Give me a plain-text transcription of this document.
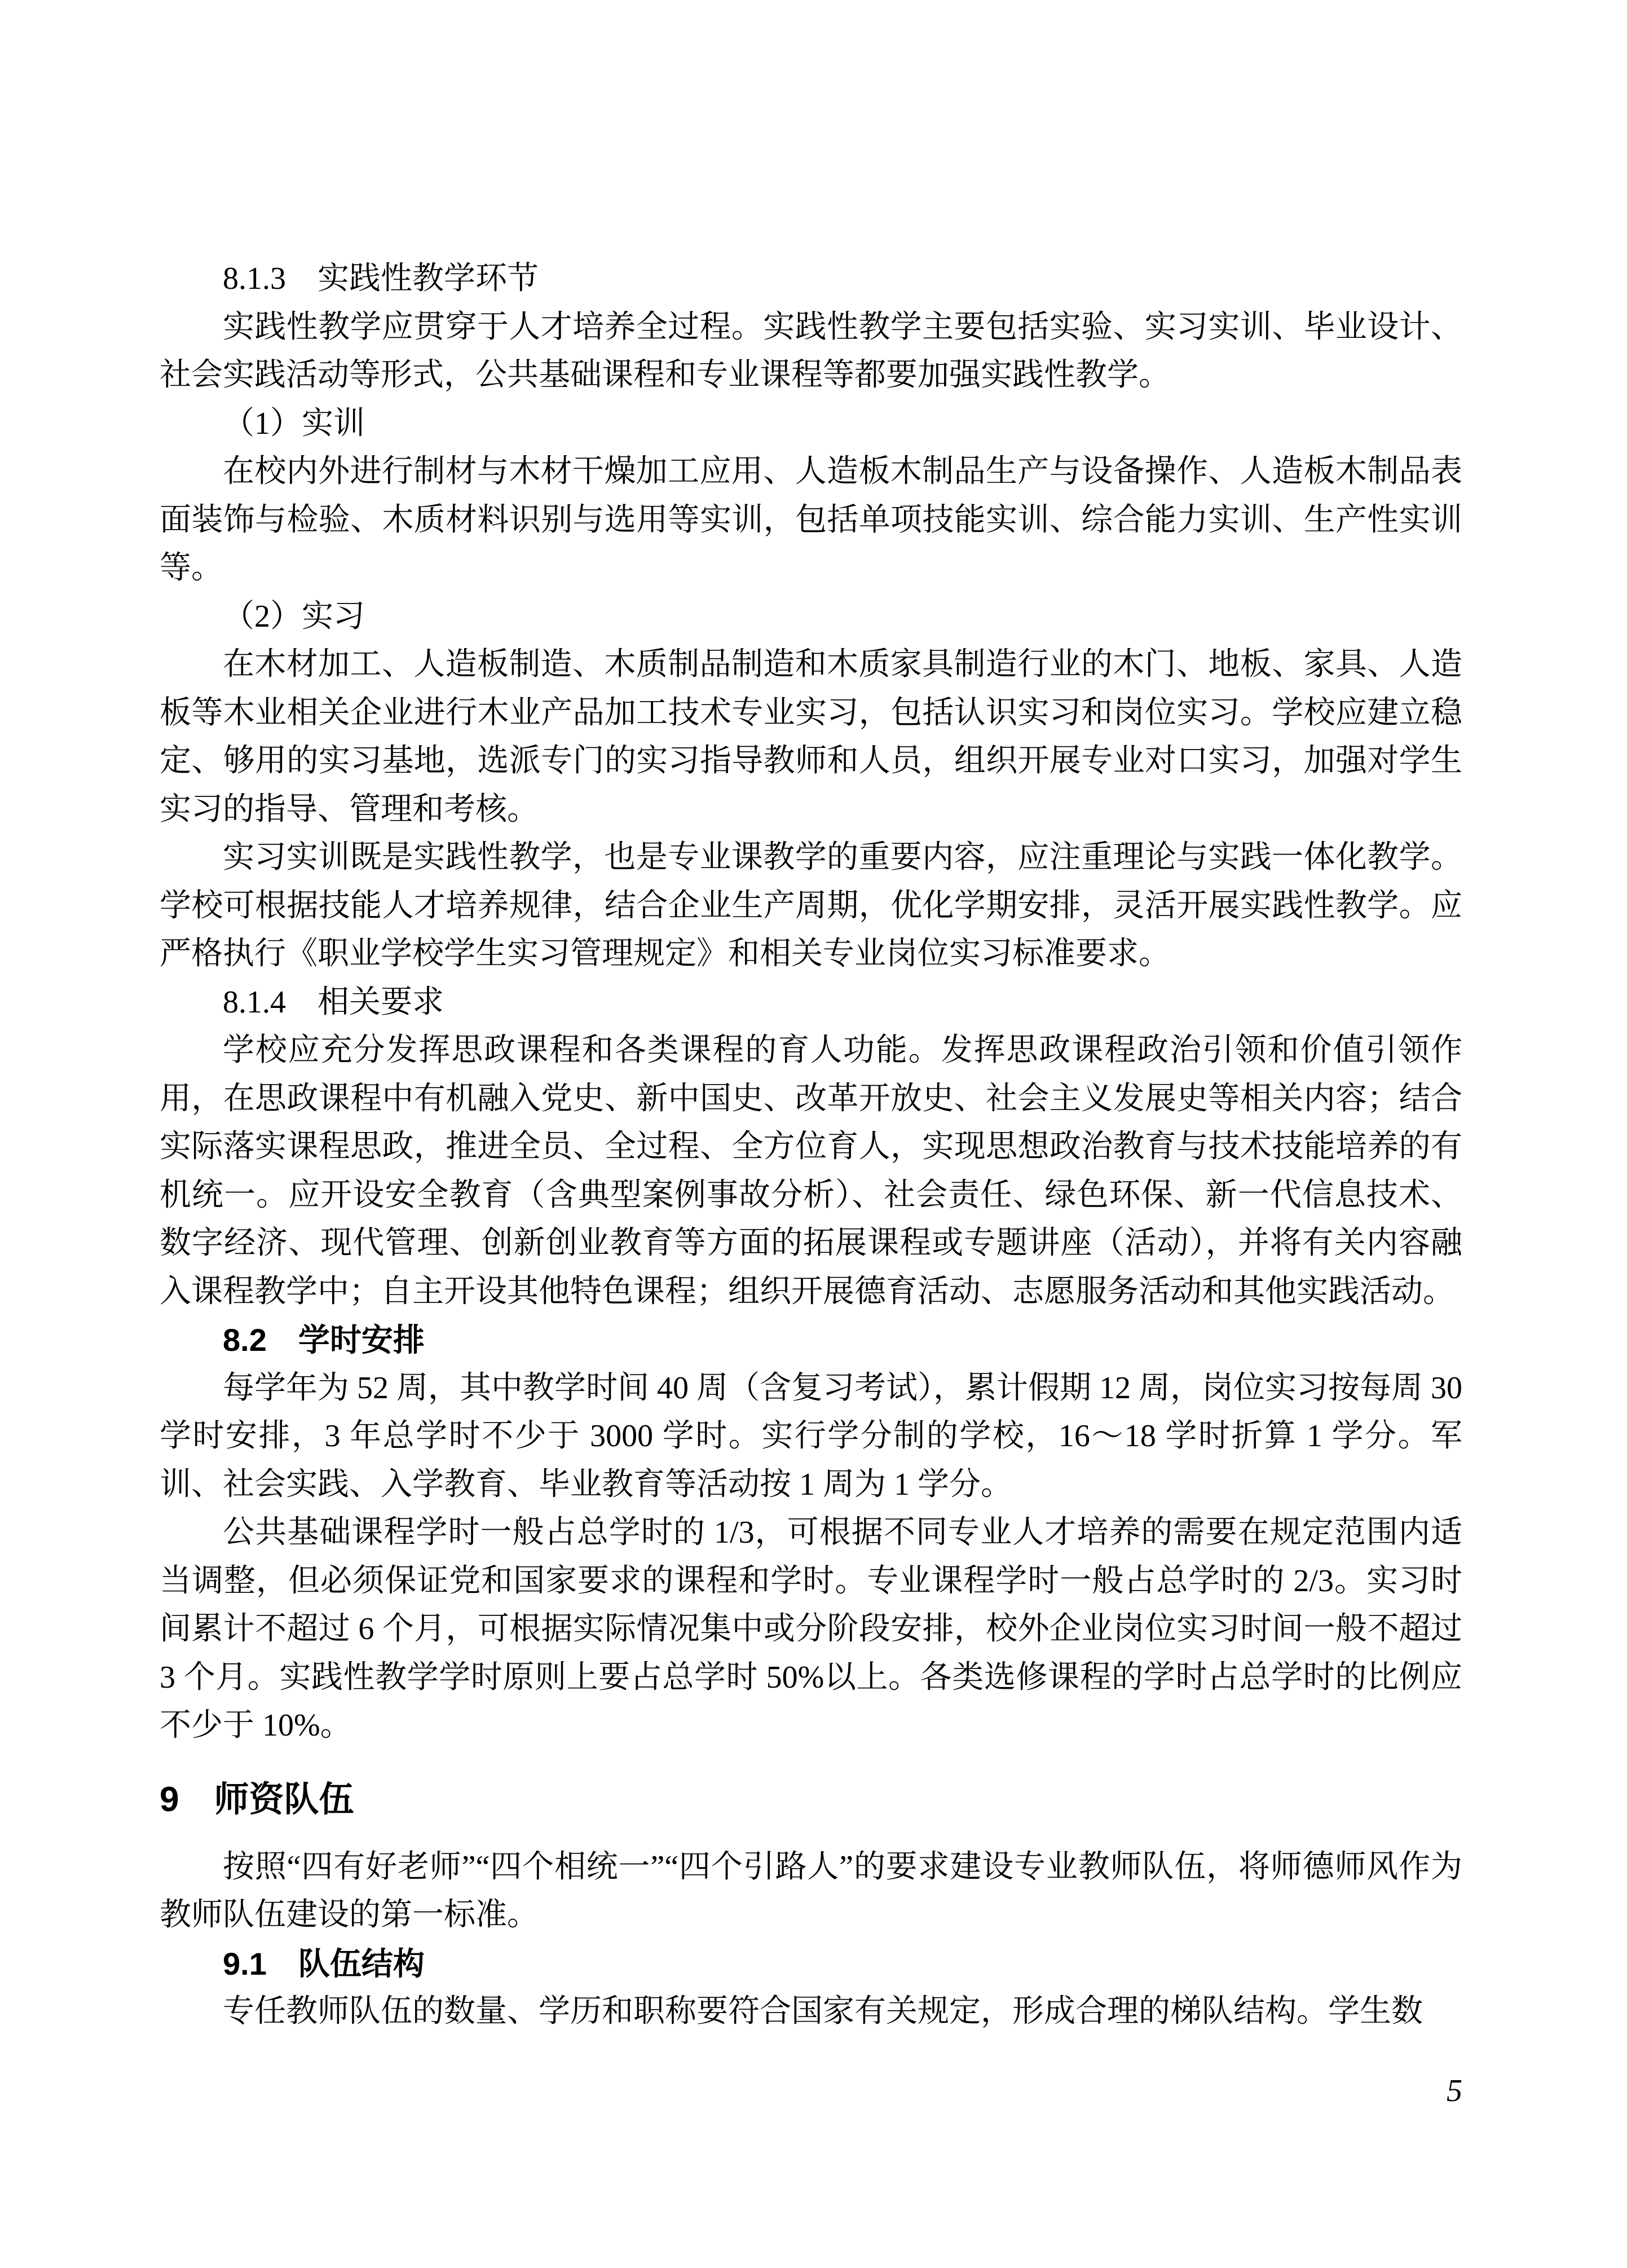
8.1.3　实践性教学环节

实践性教学应贯穿于人才培养全过程。实践性教学主要包括实验、实习实训、毕业设计、社会实践活动等形式，公共基础课程和专业课程等都要加强实践性教学。

（1）实训

在校内外进行制材与木材干燥加工应用、人造板木制品生产与设备操作、人造板木制品表面装饰与检验、木质材料识别与选用等实训，包括单项技能实训、综合能力实训、生产性实训等。

（2）实习

在木材加工、人造板制造、木质制品制造和木质家具制造行业的木门、地板、家具、人造板等木业相关企业进行木业产品加工技术专业实习，包括认识实习和岗位实习。学校应建立稳定、够用的实习基地，选派专门的实习指导教师和人员，组织开展专业对口实习，加强对学生实习的指导、管理和考核。

实习实训既是实践性教学，也是专业课教学的重要内容，应注重理论与实践一体化教学。学校可根据技能人才培养规律，结合企业生产周期，优化学期安排，灵活开展实践性教学。应严格执行《职业学校学生实习管理规定》和相关专业岗位实习标准要求。

8.1.4　相关要求

学校应充分发挥思政课程和各类课程的育人功能。发挥思政课程政治引领和价值引领作用，在思政课程中有机融入党史、新中国史、改革开放史、社会主义发展史等相关内容；结合实际落实课程思政，推进全员、全过程、全方位育人，实现思想政治教育与技术技能培养的有机统一。应开设安全教育（含典型案例事故分析）、社会责任、绿色环保、新一代信息技术、数字经济、现代管理、创新创业教育等方面的拓展课程或专题讲座（活动），并将有关内容融入课程教学中；自主开设其他特色课程；组织开展德育活动、志愿服务活动和其他实践活动。

8.2　学时安排

每学年为 52 周，其中教学时间 40 周（含复习考试），累计假期 12 周，岗位实习按每周 30 学时安排，3 年总学时不少于 3000 学时。实行学分制的学校，16～18 学时折算 1 学分。军训、社会实践、入学教育、毕业教育等活动按 1 周为 1 学分。

公共基础课程学时一般占总学时的 1/3，可根据不同专业人才培养的需要在规定范围内适当调整，但必须保证党和国家要求的课程和学时。专业课程学时一般占总学时的 2/3。实习时间累计不超过 6 个月，可根据实际情况集中或分阶段安排，校外企业岗位实习时间一般不超过 3 个月。实践性教学学时原则上要占总学时 50%以上。各类选修课程的学时占总学时的比例应不少于 10%。

9　师资队伍

按照“四有好老师”“四个相统一”“四个引路人”的要求建设专业教师队伍，将师德师风作为教师队伍建设的第一标准。

9.1　队伍结构

专任教师队伍的数量、学历和职称要符合国家有关规定，形成合理的梯队结构。学生数

5
